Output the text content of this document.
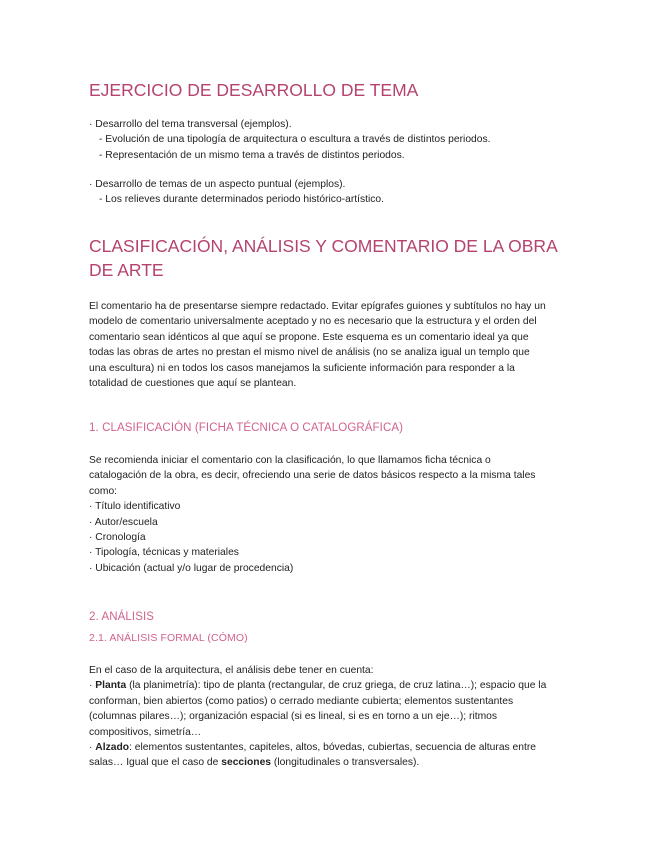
EJERCICIO DE DESARROLLO DE TEMA
· Desarrollo del tema transversal (ejemplos).
- Evolución de una tipología de arquitectura o escultura a través de distintos periodos.
- Representación de un mismo tema a través de distintos periodos.
· Desarrollo de temas de un aspecto puntual (ejemplos).
- Los relieves durante determinados periodo histórico-artístico.
CLASIFICACIÓN, ANÁLISIS Y COMENTARIO DE LA OBRA
DE ARTE
El comentario ha de presentarse siempre redactado. Evitar epígrafes guiones y subtítulos no hay un
modelo de comentario universalmente aceptado y no es necesario que la estructura y el orden del
comentario sean idénticos al que aquí se propone. Este esquema es un comentario ideal ya que
todas las obras de artes no prestan el mismo nivel de análisis (no se analiza igual un templo que
una escultura) ni en todos los casos manejamos la suficiente información para responder a la
totalidad de cuestiones que aquí se plantean.
1. CLASIFICACIÓN (FICHA TÉCNICA O CATALOGRÁFICA)
Se recomienda iniciar el comentario con la clasificación, lo que llamamos ficha técnica o
catalogación de la obra, es decir, ofreciendo una serie de datos básicos respecto a la misma tales
como:
· Título identificativo
· Autor/escuela
· Cronología
· Tipología, técnicas y materiales
· Ubicación (actual y/o lugar de procedencia)
2. ANÁLISIS
2.1. ANÁLISIS FORMAL (CÓMO)
En el caso de la arquitectura, el análisis debe tener en cuenta:
· Planta (la planimetría): tipo de planta (rectangular, de cruz griega, de cruz latina…); espacio que la
conforman, bien abiertos (como patios) o cerrado mediante cubierta; elementos sustentantes
(columnas pilares…); organización espacial (si es lineal, si es en torno a un eje…); ritmos
compositivos, simetría…
· Alzado: elementos sustentantes, capiteles, altos, bóvedas, cubiertas, secuencia de alturas entre
salas… Igual que el caso de secciones (longitudinales o transversales).
